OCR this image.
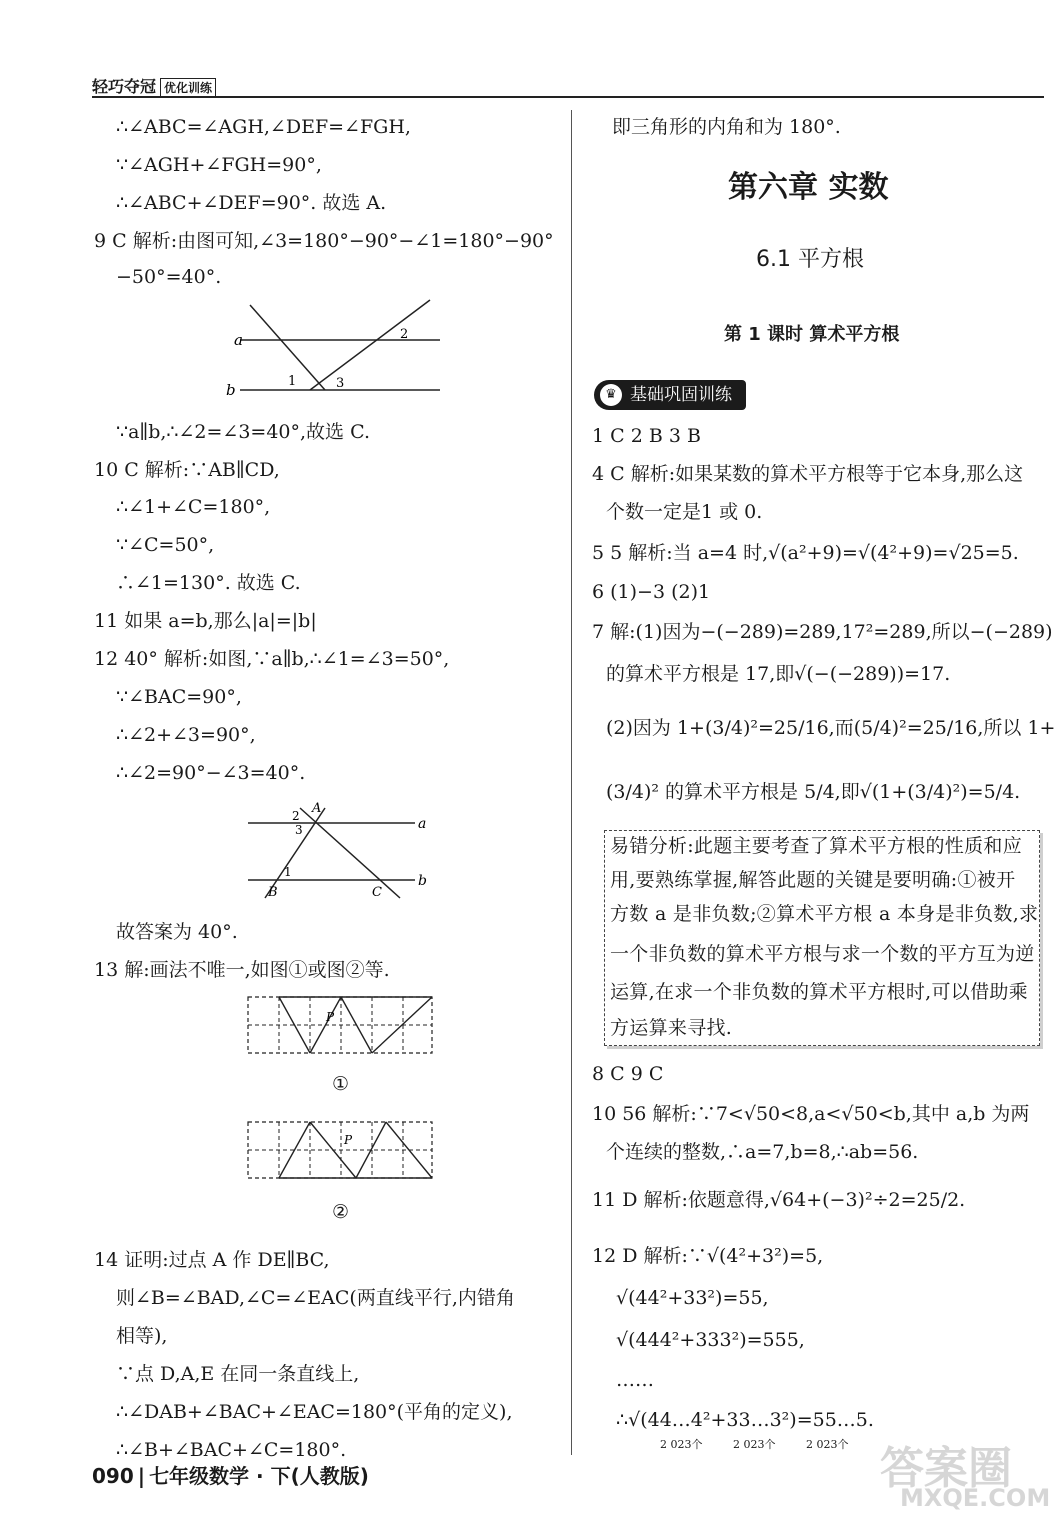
轻巧夺冠 优化训练
∴∠ABC=∠AGH,∠DEF=∠FGH,
∵∠AGH+∠FGH=90°,
∴∠ABC+∠DEF=90°. 故选 A.
9 C 解析:由图可知,∠3=180°−90°−∠1=180°−90°
−50°=40°.
a
b	1
2
3
∵a∥b,∴∠2=∠3=40°,故选 C.
10 C 解析:∵AB∥CD,
∴∠1+∠C=180°,
∵∠C=50°,
∴∠1=130°. 故选 C.
11 如果 a=b,那么|a|=|b|
12 40° 解析:如图,∵a∥b,∴∠1=∠3=50°,
∵∠BAC=90°,
∴∠2+∠3=90°,
∴∠2=90°−∠3=40°.
a
b
A
B	C
1
2
3
故答案为 40°.
13 解:画法不唯一,如图①或图②等.
P
①
P
②
14 证明:过点 A 作 DE∥BC,
则∠B=∠BAD,∠C=∠EAC(两直线平行,内错角
相等),
∵点 D,A,E 在同一条直线上,
∴∠DAB+∠BAC+∠EAC=180°(平角的定义),
∴∠B+∠BAC+∠C=180°.
即三角形的内角和为 180°.
第六章 实数
6.1 平方根
第 1 课时 算术平方根
♛ 基础巩固训练
1 C 2 B 3 B
4 C 解析:如果某数的算术平方根等于它本身,那么这
个数一定是1 或 0.
5 5 解析:当 a=4 时,√(a²+9)=√(4²+9)=√25=5.
6 (1)−3 (2)1
7 解:(1)因为−(−289)=289,17²=289,所以−(−289)
的算术平方根是 17,即√(−(−289))=17.
(2)因为 1+(3/4)²=25/16,而(5/4)²=25/16,所以 1+
(3/4)² 的算术平方根是 5/4,即√(1+(3/4)²)=5/4.
易错分析:此题主要考查了算术平方根的性质和应
用,要熟练掌握,解答此题的关键是要明确:①被开
方数 a 是非负数;②算术平方根 a 本身是非负数,求
一个非负数的算术平方根与求一个数的平方互为逆
运算,在求一个非负数的算术平方根时,可以借助乘
方运算来寻找.
8 C 9 C
10 56 解析:∵7<√50<8,a<√50<b,其中 a,b 为两
个连续的整数,∴a=7,b=8,∴ab=56.
11 D 解析:依题意得,√64+(−3)²÷2=25/2.
12 D 解析:∵√(4²+3²)=5,
√(44²+33²)=55,
√(444²+333²)=555,
……
∴√(44…4²+33…3²)=55…5.
2 023个	2 023个	2 023个
090 | 七年级数学 · 下(人教版)	答案圈
MXQE.COM
